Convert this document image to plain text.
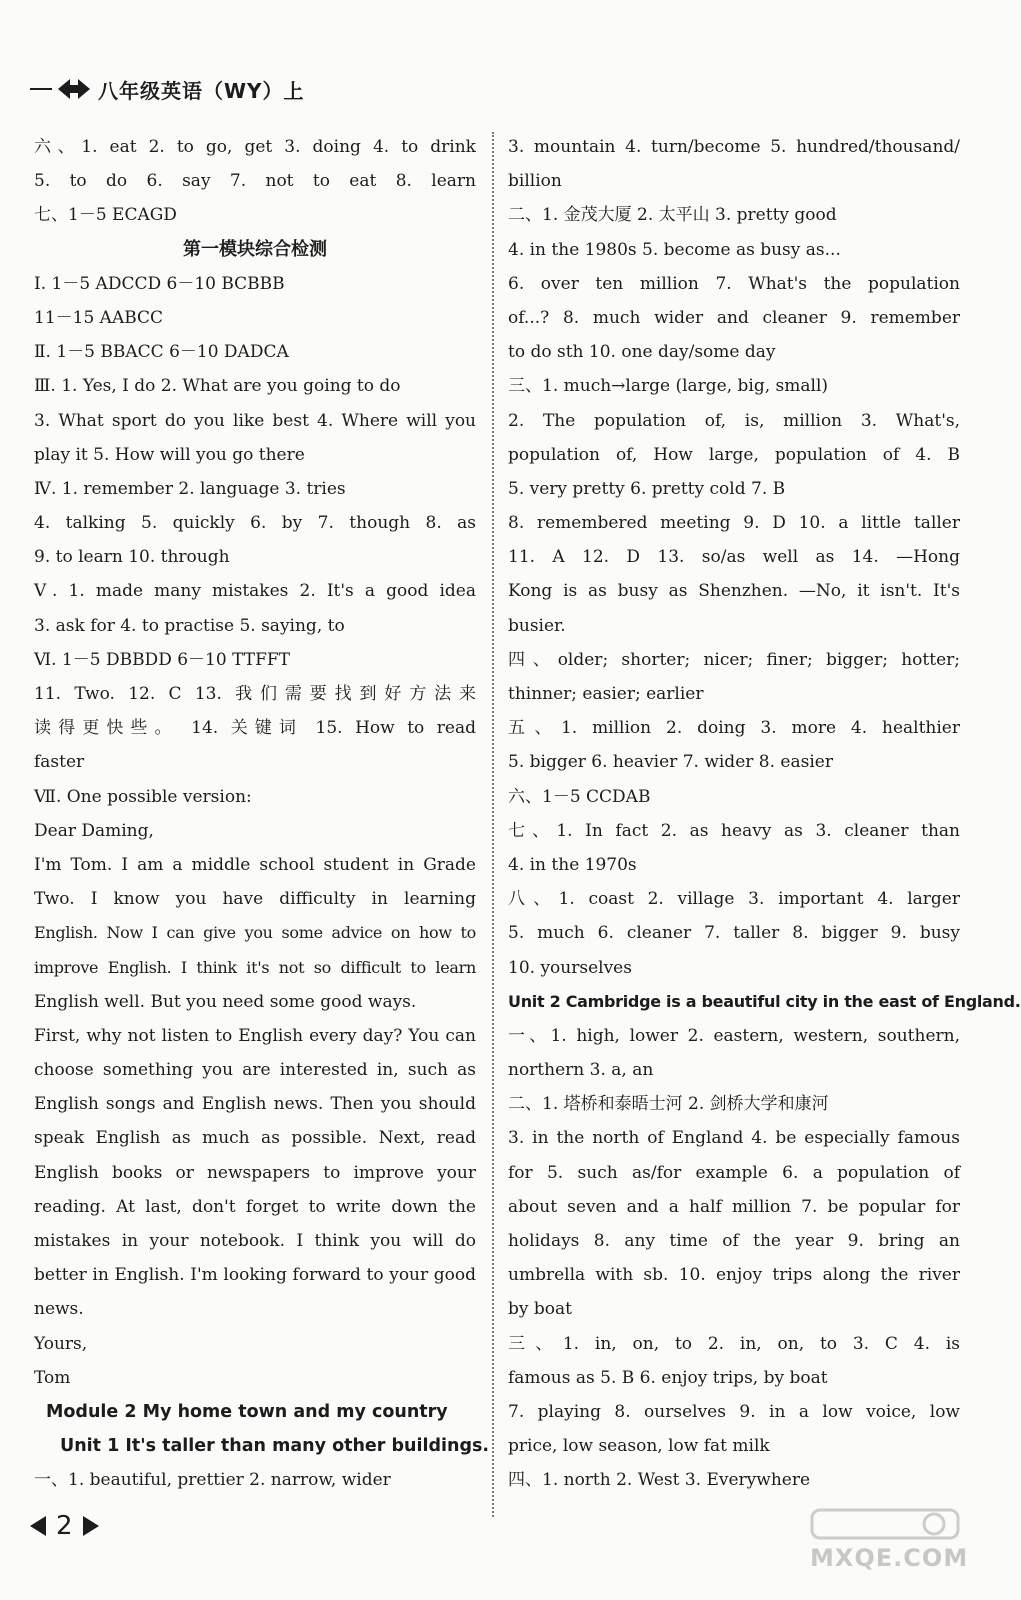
八年级英语（WY）上
六、1. eat 2. to go, get 3. doing 4. to drink
5. to do 6. say 7. not to eat 8. learn
七、1－5 ECAGD
第一模块综合检测
Ⅰ. 1－5 ADCCD 6－10 BCBBB
11－15 AABCC
Ⅱ. 1－5 BBACC 6－10 DADCA
Ⅲ. 1. Yes, I do 2. What are you going to do
3. What sport do you like best 4. Where will you
play it 5. How will you go there
Ⅳ. 1. remember 2. language 3. tries
4. talking 5. quickly 6. by 7. though 8. as
9. to learn 10. through
Ⅴ. 1. made many mistakes 2. It's a good idea
3. ask for 4. to practise 5. saying, to
Ⅵ. 1－5 DBBDD 6－10 TTFFT
11. Two. 12. C 13. 我们需要找到好方法来
读得更快些。 14. 关键词 15. How to read
faster
Ⅶ. One possible version:
Dear Daming,
I'm Tom. I am a middle school student in Grade
Two. I know you have difficulty in learning
English. Now I can give you some advice on how to
improve English. I think it's not so difficult to learn
English well. But you need some good ways.
First, why not listen to English every day? You can
choose something you are interested in, such as
English songs and English news. Then you should
speak English as much as possible. Next, read
English books or newspapers to improve your
reading. At last, don't forget to write down the
mistakes in your notebook. I think you will do
better in English. I'm looking forward to your good
news.
Yours,
Tom
Module 2 My home town and my country
Unit 1 It's taller than many other buildings.
一、1. beautiful, prettier 2. narrow, wider
3. mountain 4. turn/become 5. hundred/thousand/
billion
二、1. 金茂大厦 2. 太平山 3. pretty good
4. in the 1980s 5. become as busy as...
6. over ten million 7. What's the population
of...? 8. much wider and cleaner 9. remember
to do sth 10. one day/some day
三、1. much→large (large, big, small)
2. The population of, is, million 3. What's,
population of, How large, population of 4. B
5. very pretty 6. pretty cold 7. B
8. remembered meeting 9. D 10. a little taller
11. A 12. D 13. so/as well as 14. —Hong
Kong is as busy as Shenzhen. —No, it isn't. It's
busier.
四、older; shorter; nicer; finer; bigger; hotter;
thinner; easier; earlier
五、1. million 2. doing 3. more 4. healthier
5. bigger 6. heavier 7. wider 8. easier
六、1－5 CCDAB
七、1. In fact 2. as heavy as 3. cleaner than
4. in the 1970s
八、1. coast 2. village 3. important 4. larger
5. much 6. cleaner 7. taller 8. bigger 9. busy
10. yourselves
Unit 2 Cambridge is a beautiful city in the east of England.
一、1. high, lower 2. eastern, western, southern,
northern 3. a, an
二、1. 塔桥和泰晤士河 2. 剑桥大学和康河
3. in the north of England 4. be especially famous
for 5. such as/for example 6. a population of
about seven and a half million 7. be popular for
holidays 8. any time of the year 9. bring an
umbrella with sb. 10. enjoy trips along the river
by boat
三、1. in, on, to 2. in, on, to 3. C 4. is
famous as 5. B 6. enjoy trips, by boat
7. playing 8. ourselves 9. in a low voice, low
price, low season, low fat milk
四、1. north 2. West 3. Everywhere
2
MXQE.COM
